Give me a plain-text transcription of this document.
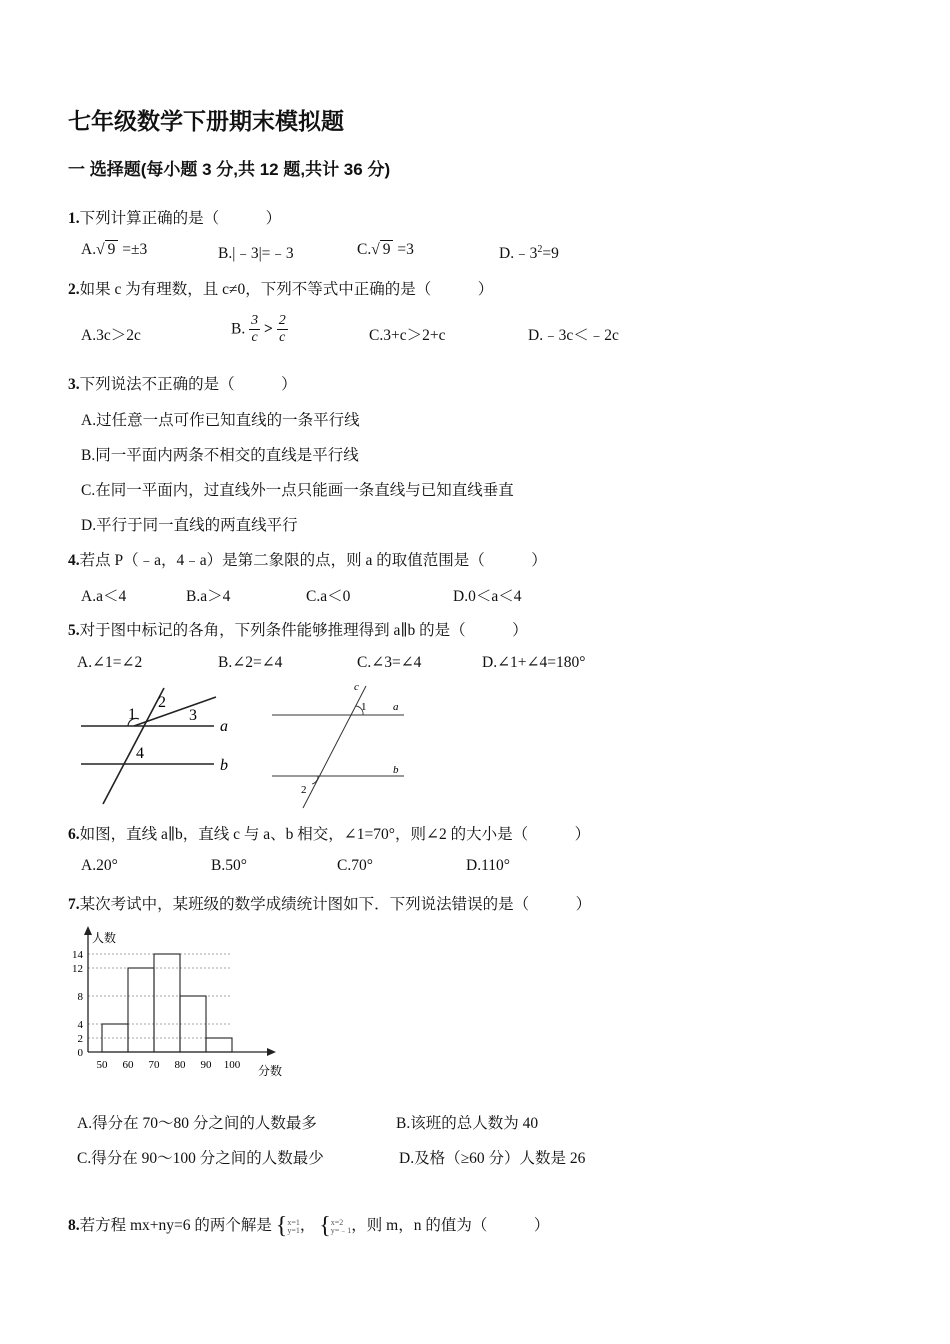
七年级数学下册期末模拟题
一 选择题(每小题 3 分,共 12 题,共计 36 分)
1.下列计算正确的是（　　　）
A.√ 9 =±3	B.|﹣3|=﹣3	C.√ 9 =3	$D.﹣3^2=9$
2.如果 c 为有理数，且 c≠0，下列不等式中正确的是（　　　）
A.3c＞2c	B. $\frac{3}{c} > \frac{2}{c}$	C.3+c＞2+c	D.﹣3c＜﹣2c
3.下列说法不正确的是（　　　）
A.过任意一点可作已知直线的一条平行线
B.同一平面内两条不相交的直线是平行线
C.在同一平面内，过直线外一点只能画一条直线与已知直线垂直
D.平行于同一直线的两直线平行
4.若点 P（﹣a，4﹣a）是第二象限的点，则 a 的取值范围是（　　　）
A.a＜4	B.a＞4	C.a＜0	D.0＜a＜4
5.对于图中标记的各角，下列条件能够推理得到 a∥b 的是（　　　）
A.∠1=∠2	B.∠2=∠4	C.∠3=∠4	D.∠1+∠4=180°
1
2
3
4
a
b
c
1
2
a
b
6.如图，直线 a∥b，直线 c 与 a、b 相交，∠1=70°，则∠2 的大小是（　　　）
A.20°	B.50°	C.70°	D.110°
7.某次考试中，某班级的数学成绩统计图如下．下列说法错误的是（　　　）
0
2
4
8
12
14
50 60 70 80 90 100
人数
分数
A.得分在 70～80 分之间的人数最多	B.该班的总人数为 40
C.得分在 90～100 分之间的人数最少	D.及格（≥60 分）人数是 26
8.若方程 mx+ny=6 的两个解是 { x=1
y=1 ， { x=2
y=﹣1 ，则 m，n 的值为（　　　）
